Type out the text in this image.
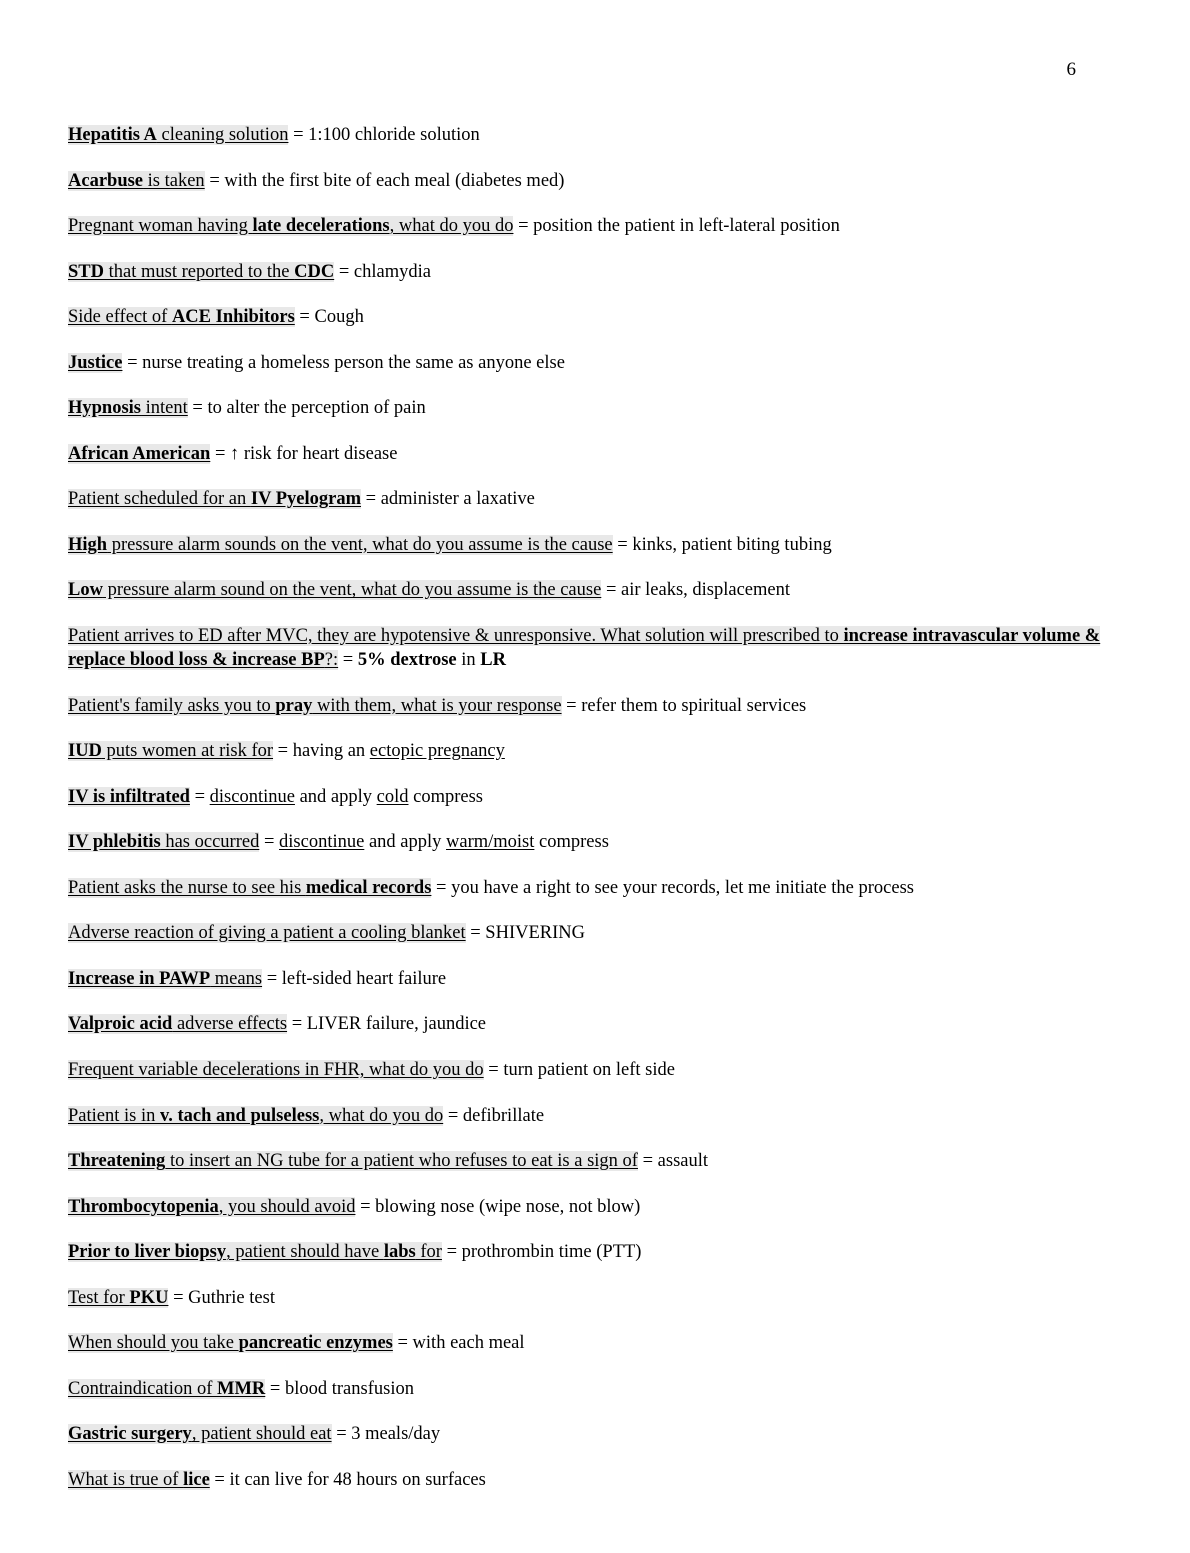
6

Hepatitis A cleaning solution = 1:100 chloride solution

Acarbuse is taken = with the first bite of each meal (diabetes med)

Pregnant woman having late decelerations, what do you do = position the patient in left-lateral position

STD that must reported to the CDC = chlamydia

Side effect of ACE Inhibitors = Cough

Justice = nurse treating a homeless person the same as anyone else

Hypnosis intent = to alter the perception of pain

African American = ↑ risk for heart disease

Patient scheduled for an IV Pyelogram = administer a laxative

High pressure alarm sounds on the vent, what do you assume is the cause = kinks, patient biting tubing

Low pressure alarm sound on the vent, what do you assume is the cause = air leaks, displacement

Patient arrives to ED after MVC, they are hypotensive & unresponsive. What solution will prescribed to increase intravascular volume & replace blood loss & increase BP?: = 5% dextrose in LR

Patient's family asks you to pray with them, what is your response = refer them to spiritual services

IUD puts women at risk for = having an ectopic pregnancy

IV is infiltrated = discontinue and apply cold compress

IV phlebitis has occurred = discontinue and apply warm/moist compress

Patient asks the nurse to see his medical records = you have a right to see your records, let me initiate the process

Adverse reaction of giving a patient a cooling blanket = SHIVERING

Increase in PAWP means = left-sided heart failure

Valproic acid adverse effects = LIVER failure, jaundice

Frequent variable decelerations in FHR, what do you do = turn patient on left side

Patient is in v. tach and pulseless, what do you do = defibrillate

Threatening to insert an NG tube for a patient who refuses to eat is a sign of = assault

Thrombocytopenia, you should avoid = blowing nose (wipe nose, not blow)

Prior to liver biopsy, patient should have labs for = prothrombin time (PTT)

Test for PKU = Guthrie test

When should you take pancreatic enzymes = with each meal

Contraindication of MMR = blood transfusion

Gastric surgery, patient should eat = 3 meals/day

What is true of lice = it can live for 48 hours on surfaces
